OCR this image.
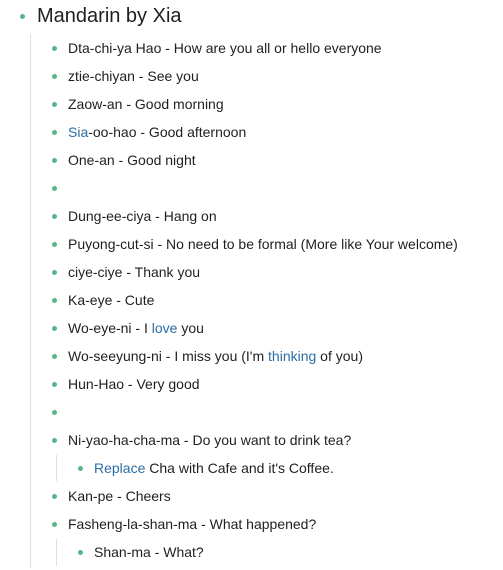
Mandarin by Xia
Dta-chi-ya Hao - How are you all or hello everyone
ztie-chiyan - See you
Zaow-an - Good morning
Sia-oo-hao - Good afternoon
One-an - Good night
Dung-ee-ciya - Hang on
Puyong-cut-si - No need to be formal (More like Your welcome)
ciye-ciye - Thank you
Ka-eye - Cute
Wo-eye-ni - I love you
Wo-seeyung-ni - I miss you (I'm thinking of you)
Hun-Hao - Very good
Ni-yao-ha-cha-ma - Do you want to drink tea?
Replace Cha with Cafe and it's Coffee.
Kan-pe - Cheers
Fasheng-la-shan-ma - What happened?
Shan-ma - What?
